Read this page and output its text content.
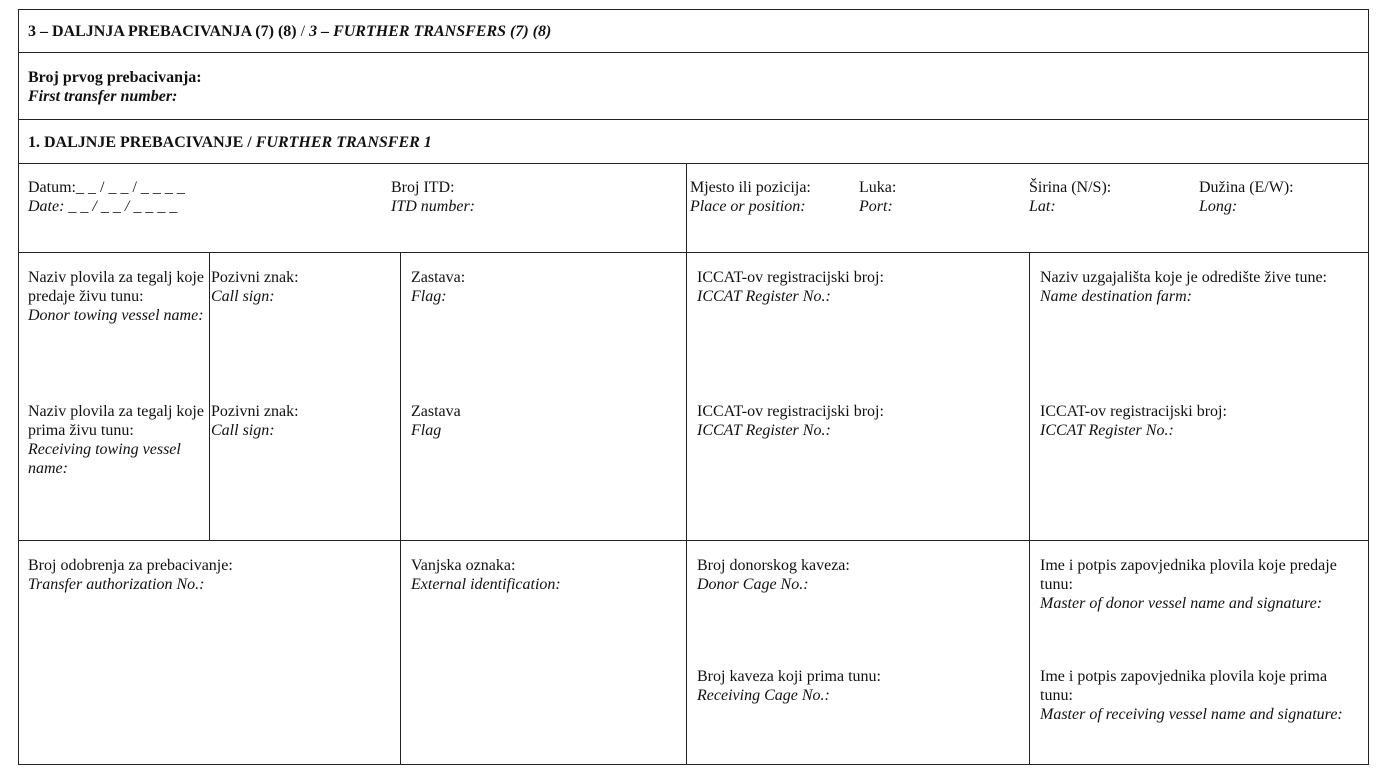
3 – DALJNJA PREBACIVANJA (7) (8) / 3 – FURTHER TRANSFERS (7) (8)
Broj prvog prebacivanja:
First transfer number:
1. DALJNJE PREBACIVANJE / FURTHER TRANSFER 1
Datum:_ _ / _ _ / _ _ _ _
Date: _ _ / _ _ / _ _ _ _
Broj ITD:
ITD number:
Mjesto ili pozicija:
Place or position:
Luka:
Port:
Širina (N/S):
Lat:
Dužina (E/W):
Long:
Naziv plovila za tegalj koje predaje živu tunu:
Donor towing vessel name:
Pozivni znak:
Call sign:
Zastava:
Flag:
ICCAT-ov registracijski broj:
ICCAT Register No.:
Naziv uzgajališta koje je odredište žive tune:
Name destination farm:
Naziv plovila za tegalj koje prima živu tunu:
Receiving towing vessel name:
Pozivni znak:
Call sign:
Zastava
Flag
ICCAT-ov registracijski broj:
ICCAT Register No.:
ICCAT-ov registracijski broj:
ICCAT Register No.:
Broj odobrenja za prebacivanje:
Transfer authorization No.:
Vanjska oznaka:
External identification:
Broj donorskog kaveza:
Donor Cage No.:
Ime i potpis zapovjednika plovila koje predaje tunu:
Master of donor vessel name and signature:
Broj kaveza koji prima tunu:
Receiving Cage No.:
Ime i potpis zapovjednika plovila koje prima tunu:
Master of receiving vessel name and signature:
